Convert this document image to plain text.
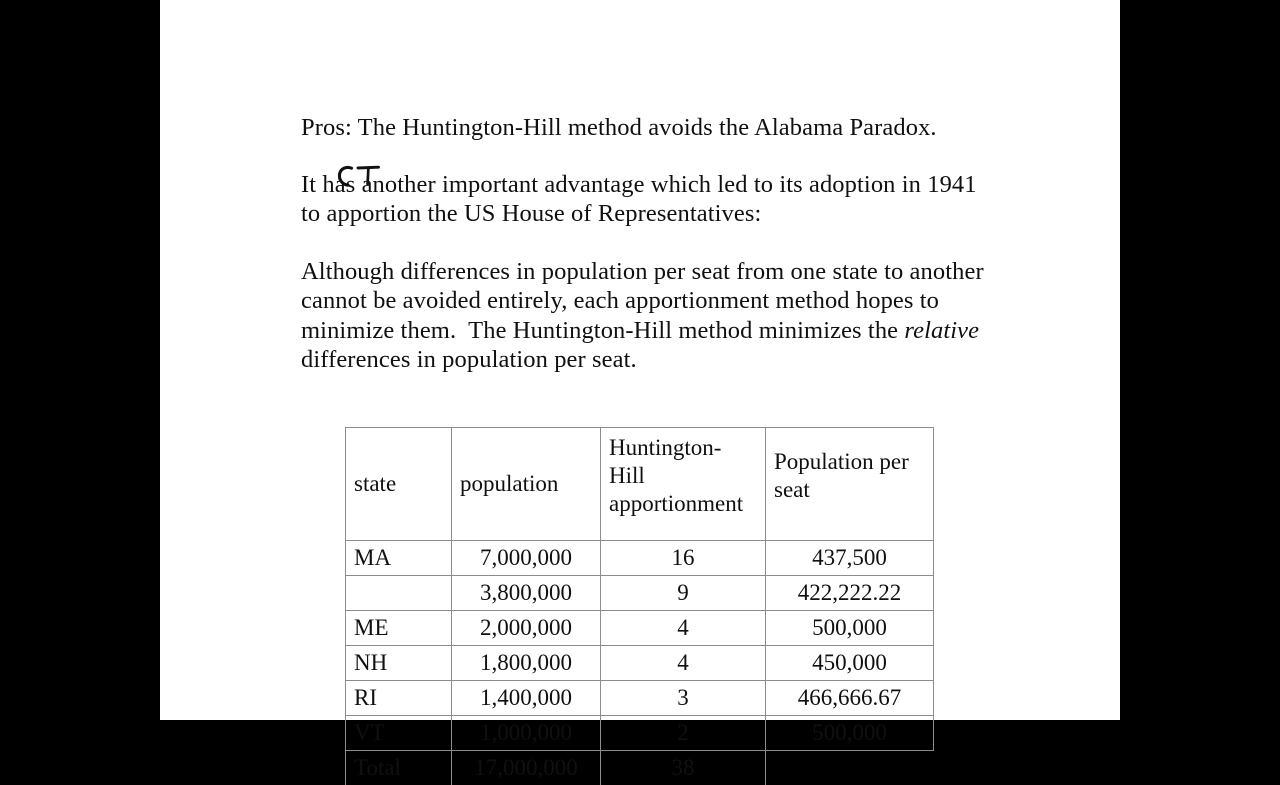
Pros: The Huntington-Hill method avoids the Alabama Paradox.
It has another important advantage which led to its adoption in 1941 to apportion the US House of Representatives:
Although differences in population per seat from one state to another cannot be avoided entirely, each apportionment method hopes to minimize them.  The Huntington-Hill method minimizes the relative differences in population per seat.
state	population	Huntington-Hill apportionment	Population per seat
MA	7,000,000	16	437,500
	3,800,000	9	422,222.22
ME	2,000,000	4	500,000
NH	1,800,000	4	450,000
RI	1,400,000	3	466,666.67
VT	1,000,000	2	500,000
Total	17,000,000	38	
